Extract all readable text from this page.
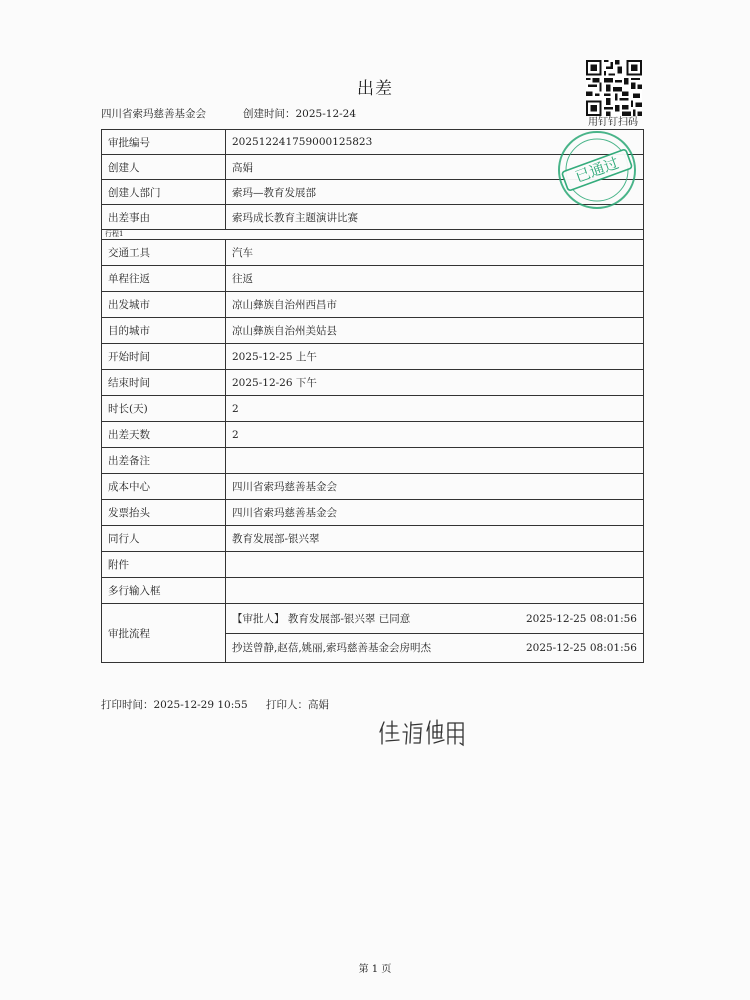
出差
四川省索玛慈善基金会	创建时间：2025-12-24
用钉钉扫码
审批编号	202512241759000125823
创建人	高娟
创建人部门	索玛—教育发展部
出差事由	索玛成长教育主题演讲比赛
行程1	
交通工具	汽车
单程往返	往返
出发城市	凉山彝族自治州西昌市
目的城市	凉山彝族自治州美姑县
开始时间	2025-12-25 上午
结束时间	2025-12-26 下午
时长(天)	2
出差天数	2
出差备注	
成本中心	四川省索玛慈善基金会
发票抬头	四川省索玛慈善基金会
同行人	教育发展部-银兴翠
附件	
多行输入框	
审批流程	【审批人】 教育发展部-银兴翠 已同意 2025-12-25 08:01:56
抄送曾静,赵蓓,姚丽,索玛慈善基金会房明杰 2025-12-25 08:01:56
已通过
打印时间：2025-12-29 10:55 打印人：高娟
第 1 页
